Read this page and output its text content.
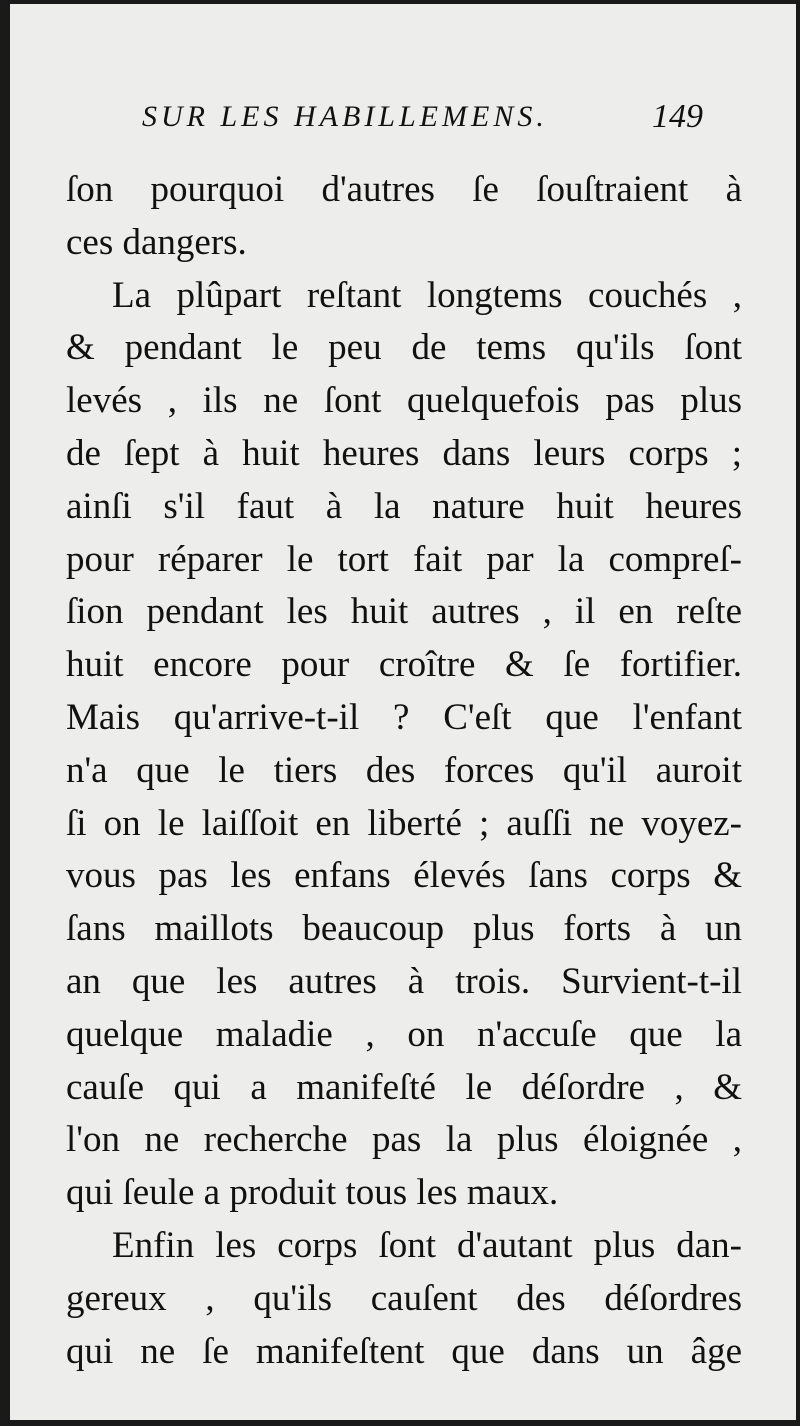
SUR LES HABILLEMENS.	149
ſon pourquoi d'autres ſe ſouſtraient à
ces dangers.
La plûpart reſtant longtems couchés ,
& pendant le peu de tems qu'ils ſont
levés , ils ne ſont quelquefois pas plus
de ſept à huit heures dans leurs corps ;
ainſi s'il faut à la nature huit heures
pour réparer le tort fait par la compreſ-
ſion pendant les huit autres , il en reſte
huit encore pour croître & ſe fortifier.
Mais qu'arrive-t-il ? C'eſt que l'enfant
n'a que le tiers des forces qu'il auroit
ſi on le laiſſoit en liberté ; auſſi ne voyez-
vous pas les enfans élevés ſans corps &
ſans maillots beaucoup plus forts à un
an que les autres à trois. Survient-t-il
quelque maladie , on n'accuſe que la
cauſe qui a manifeſté le déſordre , &
l'on ne recherche pas la plus éloignée ,
qui ſeule a produit tous les maux.
Enfin les corps ſont d'autant plus dan-
gereux , qu'ils cauſent des déſordres
qui ne ſe manifeſtent que dans un âge
